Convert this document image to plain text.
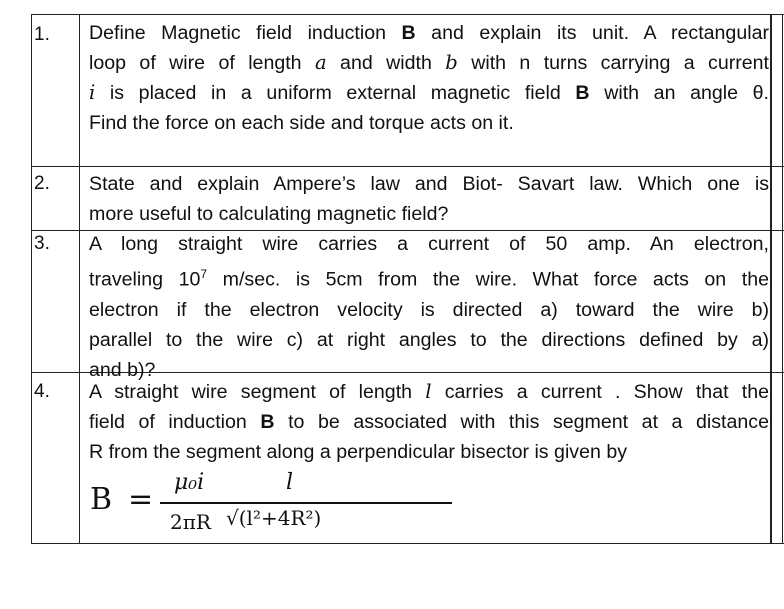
1.
2.
3.
4.

Define Magnetic field induction B and explain its unit. A rectangular

loop of wire of length a and width b with n turns carrying a current

i is placed in a uniform external magnetic field B with an angle θ.

Find the force on each side and torque acts on it.

State and explain Ampere’s law and Biot- Savart law. Which one is

more useful to calculating magnetic field?

A long straight wire carries a current of 50 amp. An electron,

traveling $10^7$ m/sec. is 5cm from the wire. What force acts on the

electron if the electron velocity is directed a) toward the wire b)

parallel to the wire c) at right angles to the directions defined by a)

and b)?

A straight wire segment of length l carries a current . Show that the

field of induction B to be associated with this segment at a distance

R from the segment along a perpendicular bisector is given by

B = μ₀i	l
2πR √(l²+4R²)
